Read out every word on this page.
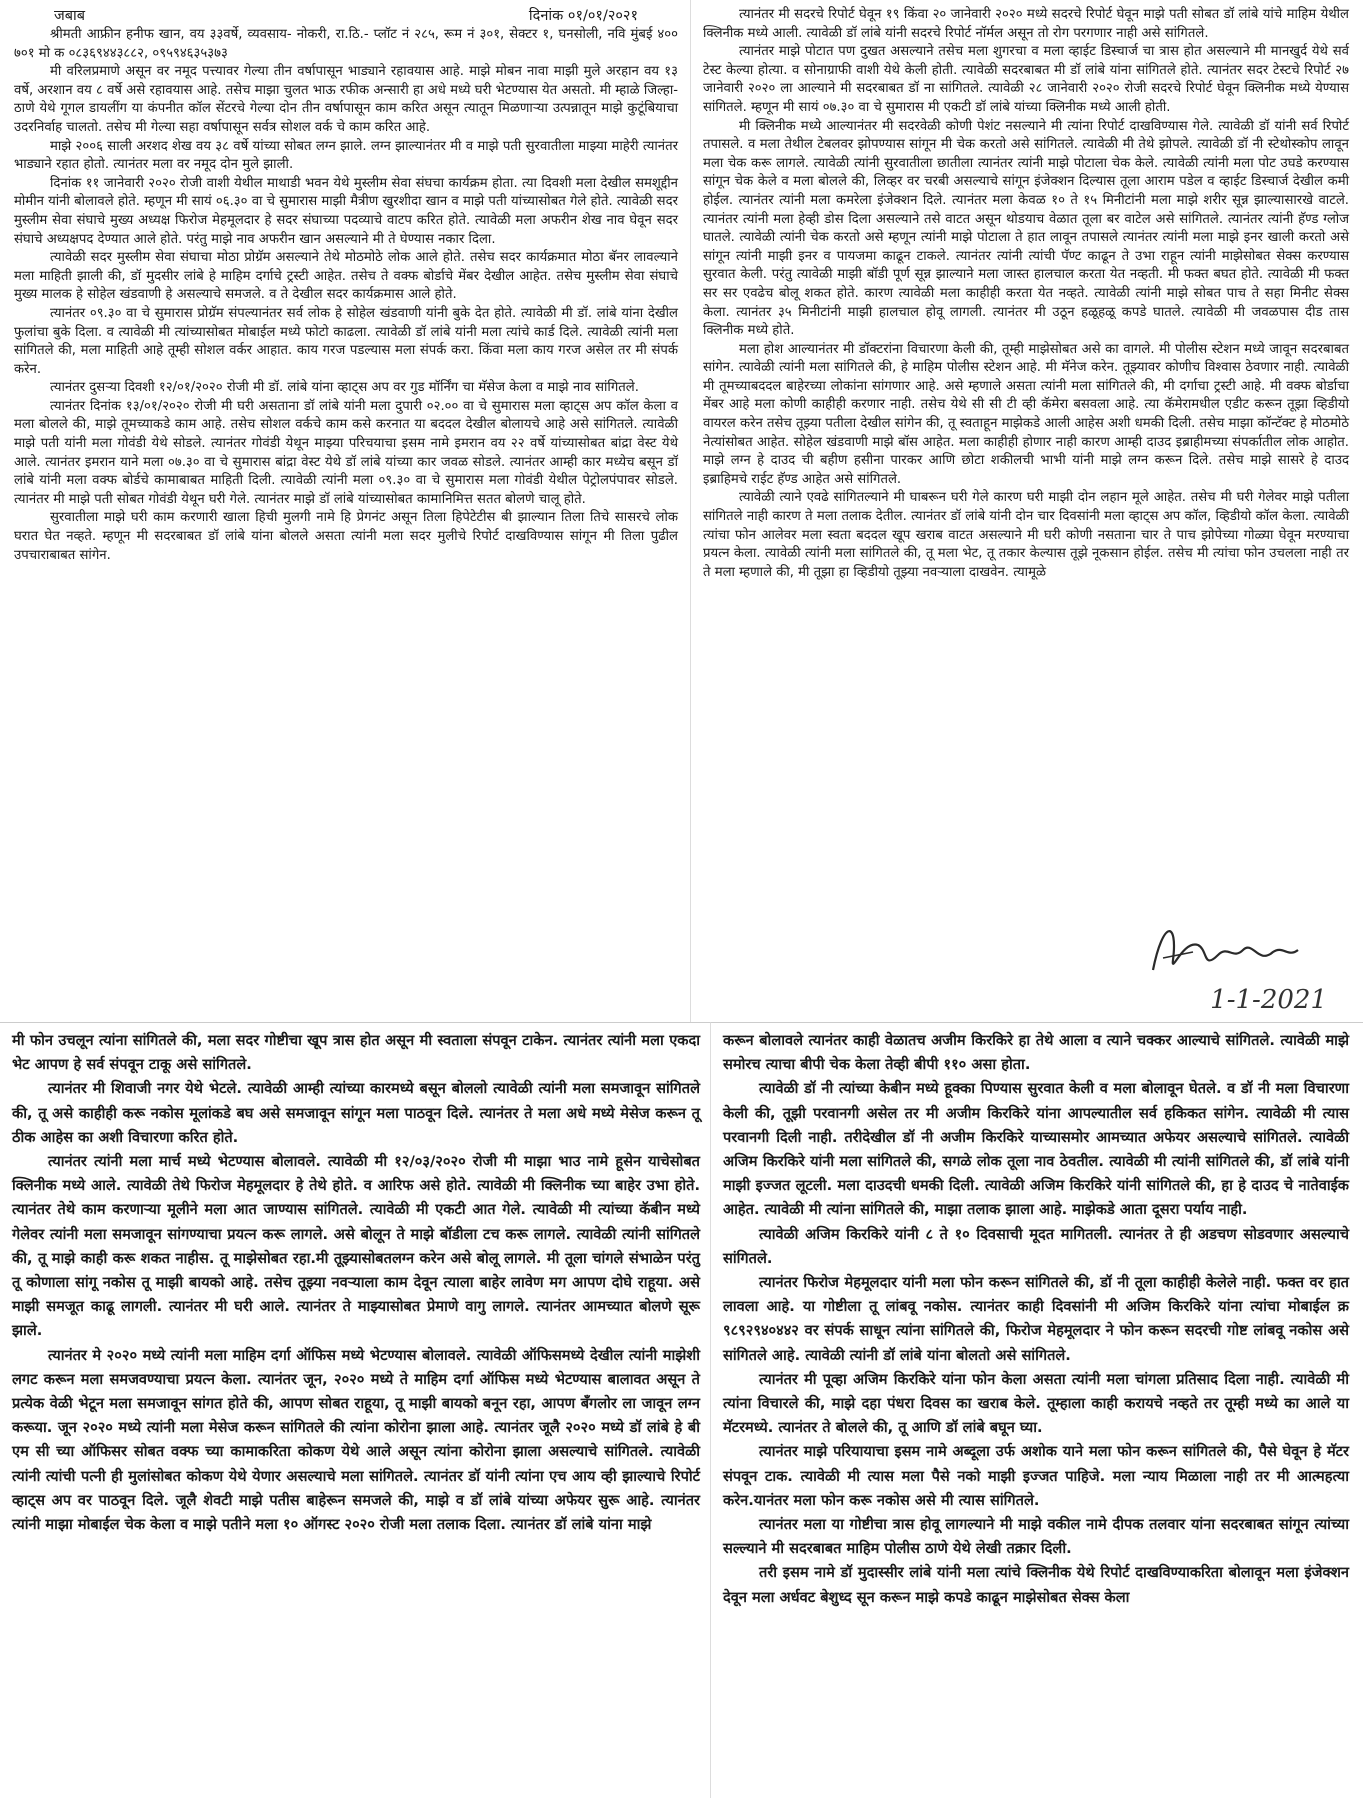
जबाब	दिनांक ०१/०१/२०२१

श्रीमती आफ्रीन हनीफ खान, वय ३३वर्षे, व्यवसाय- नोकरी, रा.ठि.- प्लॉट नं २८५, रूम नं ३०१, सेक्टर १, घनसोली, नवि मुंबई ४०० ७०१ मो क ०८३६९४४३८८२, ०९५९४६३५३७३

मी वरिलप्रमाणे असून वर नमूद पत्त्यावर गेल्या तीन वर्षापासून भाड्याने रहावयास आहे. माझे मोबन नावा माझी मुले अरहान वय १३ वर्षे, अरशान वय ८ वर्षे असे रहावयास आहे. तसेच माझा चुलत भाऊ रफीक अन्सारी हा अधे मध्ये घरी भेटण्यास येत असतो. मी म्हाळे जिल्हा- ठाणे येथे गूगल डायलींग या कंपनीत कॉल सेंटरचे गेल्या दोन तीन वर्षापासून काम करित असून त्यातून मिळणाऱ्या उत्पन्नातून माझे कुटूंबियाचा उदरनिर्वाह चालतो. तसेच मी गेल्या सहा वर्षापासून सर्वत्र सोशल वर्क चे काम करित आहे.

माझे २००६ साली अरशद शेख वय ३८ वर्षे यांच्या सोबत लग्न झाले. लग्न झाल्यानंतर मी व माझे पती सुरवातीला माझ्या माहेरी त्यानंतर भाड्याने रहात होतो. त्यानंतर मला वर नमूद दोन मुले झाली.

दिनांक ११ जानेवारी २०२० रोजी वाशी येथील माथाडी भवन येथे मुस्लीम सेवा संघचा कार्यक्रम होता. त्या दिवशी मला देखील समशूद्दीन मोमीन यांनी बोलावले होते. म्हणून मी सायं ०६.३० वा चे सुमारास माझी मैत्रीण खुरशीदा खान व माझे पती यांच्यासोबत गेले होते. त्यावेळी सदर मुस्लीम सेवा संघाचे मुख्य अध्यक्ष फिरोज मेहमूलदार हे सदर संघाच्या पदव्याचे वाटप करित होते. त्यावेळी मला अफरीन शेख नाव घेवून सदर संघाचे अध्यक्षपद देण्यात आले होते. परंतु माझे नाव अफरीन खान असल्याने मी ते घेण्यास नकार दिला.

त्यावेळी सदर मुस्लीम सेवा संघाचा मोठा प्रोग्रॅम असल्याने तेथे मोठमोठे लोक आले होते. तसेच सदर कार्यक्रमात मोठा बॅनर लावल्याने मला माहिती झाली की, डॉ मुदसीर लांबे हे माहिम दर्गाचे ट्रस्टी आहेत. तसेच ते वक्फ बोर्डाचे मेंबर देखील आहेत. तसेच मुस्लीम सेवा संघाचे मुख्य मालक हे सोहेल खंडवाणी हे असल्याचे समजले. व ते देखील सदर कार्यक्रमास आले होते.

त्यानंतर ०९.३० वा चे सुमारास प्रोग्रॅम संपल्यानंतर सर्व लोक हे सोहेल खंडवाणी यांनी बुके देत होते. त्यावेळी मी डॉ. लांबे यांना देखील फुलांचा बुके दिला. व त्यावेळी मी त्यांच्यासोबत मोबाईल मध्ये फोटो काढला. त्यावेळी डॉ लांबे यांनी मला त्यांचे कार्ड दिले. त्यावेळी त्यांनी मला सांगितले की, मला माहिती आहे तूम्ही सोशल वर्कर आहात. काय गरज पडल्यास मला संपर्क करा. किंवा मला काय गरज असेल तर मी संपर्क करेन.

त्यानंतर दुसऱ्या दिवशी १२/०१/२०२० रोजी मी डॉ. लांबे यांना व्हाट्स अप वर गुड मॉर्निंग चा मॅसेज केला व माझे नाव सांगितले.

त्यानंतर दिनांक १३/०१/२०२० रोजी मी घरी असताना डॉ लांबे यांनी मला दुपारी ०२.०० वा चे सुमारास मला व्हाट्स अप कॉल केला व मला बोलले की, माझे तूमच्याकडे काम आहे. तसेच सोशल वर्कचे काम कसे करनात या बददल देखील बोलायचे आहे असे सांगितले. त्यावेळी माझे पती यांनी मला गोवंडी येथे सोडले. त्यानंतर गोवंडी येथून माझ्या परिचयाचा इसम नामे इमरान वय २२ वर्षे यांच्यासोबत बांद्रा वेस्ट येथे आले. त्यानंतर इमरान याने मला ०७.३० वा चे सुमारास बांद्रा वेस्ट येथे डॉ लांबे यांच्या कार जवळ सोडले. त्यानंतर आम्ही कार मध्येच बसून डॉ लांबे यांनी मला वक्फ बोर्डचे कामाबाबत माहिती दिली. त्यावेळी त्यांनी मला ०९.३० वा चे सुमारास मला गोवंडी येथील पेट्रोलपंपावर सोडले. त्यानंतर मी माझे पती सोबत गोवंडी येथून घरी गेले. त्यानंतर माझे डॉ लांबे यांच्यासोबत कामानिमित्त सतत बोलणे चालू होते.

सुरवातीला माझे घरी काम करणारी खाला हिची मुलगी नामे हि प्रेगनंट असून तिला हिपेटेटीस बी झाल्यान तिला तिचे सासरचे लोक घरात घेत नव्हते. म्हणून मी सदरबाबत डॉ लांबे यांना बोलले असता त्यांनी मला सदर मुलीचे रिपोर्ट दाखविण्यास सांगून मी तिला पुढील उपचाराबाबत सांगेन.

त्यानंतर मी सदरचे रिपोर्ट घेवून १९ किंवा २० जानेवारी २०२० मध्ये सदरचे रिपोर्ट घेवून माझे पती सोबत डॉ लांबे यांचे माहिम येथील क्लिनीक मध्ये आली. त्यावेळी डॉ लांबे यांनी सदरचे रिपोर्ट नॉर्मल असून तो रोग परगणार नाही असे सांगितले.

त्यानंतर माझे पोटात पण दुखत असल्याने तसेच मला शुगरचा व मला व्हाईट डिस्चार्ज चा त्रास होत असल्याने मी मानखुर्द येथे सर्व टेस्ट केल्या होत्या. व सोनाग्राफी वाशी येथे केली होती. त्यावेळी सदरबाबत मी डॉ लांबे यांना सांगितले होते. त्यानंतर सदर टेस्टचे रिपोर्ट २७ जानेवारी २०२० ला आल्याने मी सदरबाबत डॉ ना सांगितले. त्यावेळी २८ जानेवारी २०२० रोजी सदरचे रिपोर्ट घेवून क्लिनीक मध्ये येण्यास सांगितले. म्हणून मी सायं ०७.३० वा चे सुमारास मी एकटी डॉ लांबे यांच्या क्लिनीक मध्ये आली होती.

मी क्लिनीक मध्ये आल्यानंतर मी सदरवेळी कोणी पेशंट नसल्याने मी त्यांना रिपोर्ट दाखविण्यास गेले. त्यावेळी डॉ यांनी सर्व रिपोर्ट तपासले. व मला तेथील टेबलवर झोपण्यास सांगून मी चेक करतो असे सांगितले. त्यावेळी मी तेथे झोपले. त्यावेळी डॉ नी स्टेथोस्कोप लावून मला चेक करू लागले. त्यावेळी त्यांनी सुरवातीला छातीला त्यानंतर त्यांनी माझे पोटाला चेक केले. त्यावेळी त्यांनी मला पोट उघडे करण्यास सांगून चेक केले व मला बोलले की, लिव्हर वर चरबी असल्याचे सांगून इंजेक्शन दिल्यास तूला आराम पडेल व व्हाईट डिस्चार्ज देखील कमी होईल. त्यानंतर त्यांनी मला कमरेला इंजेक्शन दिले. त्यानंतर मला केवळ १० ते १५ मिनीटांनी मला माझे शरीर सून्न झाल्यासारखे वाटले. त्यानंतर त्यांनी मला हेव्ही डोस दिला असल्याने तसे वाटत असून थोडयाच वेळात तूला बर वाटेल असे सांगितले. त्यानंतर त्यांनी हॅण्ड ग्लोज घातले. त्यावेळी त्यांनी चेक करतो असे म्हणून त्यांनी माझे पोटाला ते हात लावून तपासले त्यानंतर त्यांनी मला माझे इनर खाली करतो असे सांगून त्यांनी माझी इनर व पायजमा काढून टाकले. त्यानंतर त्यांनी त्यांची पॅण्ट काढून ते उभा राहून त्यांनी माझेसोबत सेक्स करण्यास सुरवात केली. परंतु त्यावेळी माझी बॉडी पूर्ण सून्न झाल्याने मला जास्त हालचाल करता येत नव्हती. मी फक्त बघत होते. त्यावेळी मी फक्त सर सर एवढेच बोलू शकत होते. कारण त्यावेळी मला काहीही करता येत नव्हते. त्यावेळी त्यांनी माझे सोबत पाच ते सहा मिनीट सेक्स केला. त्यानंतर ३५ मिनीटांनी माझी हालचाल होवू लागली. त्यानंतर मी उठून हळूहळू कपडे घातले. त्यावेळी मी जवळपास दीड तास क्लिनीक मध्ये होते.

मला होश आल्यानंतर मी डॉक्टरांना विचारणा केली की, तूम्ही माझेसोबत असे का वागले. मी पोलीस स्टेशन मध्ये जावून सदरबाबत सांगेन. त्यावेळी त्यांनी मला सांगितले की, हे माहिम पोलीस स्टेशन आहे. मी मॅनेज करेन. तूझ्यावर कोणीच विश्वास ठेवणार नाही. त्यावेळी मी तूमच्याबददल बाहेरच्या लोकांना सांगणार आहे. असे म्हणाले असता त्यांनी मला सांगितले की, मी दर्गाचा ट्रस्टी आहे. मी वक्फ बोर्डाचा मेंबर आहे मला कोणी काहीही करणार नाही. तसेच येथे सी सी टी व्ही कॅमेरा बसवला आहे. त्या कॅमेरामधील एडीट करून तूझा व्हिडीयो वायरल करेन तसेच तूझ्या पतीला देखील सांगेन की, तू स्वताहून माझेकडे आली आहेस अशी धमकी दिली. तसेच माझा कॉन्टॅक्ट हे मोठमोठे नेत्यांसोबत आहेत. सोहेल खंडवाणी माझे बॉस आहेत. मला काहीही होणार नाही कारण आम्ही दाउद इब्राहीमच्या संपर्कातील लोक आहोत. माझे लग्न हे दाउद ची बहीण हसीना पारकर आणि छोटा शकीलची भाभी यांनी माझे लग्न करून दिले. तसेच माझे सासरे हे दाउद इब्राहिमचे राईट हॅण्ड आहेत असे सांगितले.

त्यावेळी त्याने एवढे सांगितल्याने मी घाबरून घरी गेले कारण घरी माझी दोन लहान मूले आहेत. तसेच मी घरी गेलेवर माझे पतीला सांगितले नाही कारण ते मला तलाक देतील. त्यानंतर डॉ लांबे यांनी दोन चार दिवसांनी मला व्हाट्स अप कॉल, व्हिडीयो कॉल केला. त्यावेळी त्यांचा फोन आलेवर मला स्वता बददल खूप खराब वाटत असल्याने मी घरी कोणी नसताना चार ते पाच झोपेच्या गोळ्या घेवून मरण्याचा प्रयत्न केला. त्यावेळी त्यांनी मला सांगितले की, तू मला भेट, तू तकार केल्यास तूझे नूकसान होईल. तसेच मी त्यांचा फोन उचलला नाही तर ते मला म्हणाले की, मी तूझा हा व्हिडीयो तूझ्या नवऱ्याला दाखवेन. त्यामूळे

1-1-2021

मी फोन उचलून त्यांना सांगितले की, मला सदर गोष्टीचा खूप त्रास होत असून मी स्वताला संपवून टाकेन. त्यानंतर त्यांनी मला एकदा भेट आपण हे सर्व संपवून टाकू असे सांगितले.

त्यानंतर मी शिवाजी नगर येथे भेटले. त्यावेळी आम्ही त्यांच्या कारमध्ये बसून बोललो त्यावेळी त्यांनी मला समजावून सांगितले की, तू असे काहीही करू नकोस मूलांकडे बघ असे समजावून सांगून मला पाठवून दिले. त्यानंतर ते मला अधे मध्ये मेसेज करून तू ठीक आहेस का अशी विचारणा करित होते.

त्यानंतर त्यांनी मला मार्च मध्ये भेटण्यास बोलावले. त्यावेळी मी १२/०३/२०२० रोजी मी माझा भाउ नामे हूसेन याचेसोबत क्लिनीक मध्ये आले. त्यावेळी तेथे फिरोज मेहमूलदार हे तेथे होते. व आरिफ असे होते. त्यावेळी मी क्लिनीक च्या बाहेर उभा होते. त्यानंतर तेथे काम करणाऱ्या मूलीने मला आत जाण्यास सांगितले. त्यावेळी मी एकटी आत गेले. त्यावेळी मी त्यांच्या कॅबीन मध्ये गेलेवर त्यांनी मला समजावून सांगण्याचा प्रयत्न करू लागले. असे बोलून ते माझे बॉडीला टच करू लागले. त्यावेळी त्यांनी सांगितले की, तू माझे काही करू शकत नाहीस. तू माझेसोबत रहा.मी तूझ्यासोबतलग्न करेन असे बोलू लागले. मी तूला चांगले संभाळेन परंतु तू कोणाला सांगू नकोस तू माझी बायको आहे. तसेच तूझ्या नवऱ्याला काम देवून त्याला बाहेर लावेण मग आपण दोघे राहूया. असे माझी समजूत काढू लागली. त्यानंतर मी घरी आले. त्यानंतर ते माझ्यासोबत प्रेमाणे वागु लागले. त्यानंतर आमच्यात बोलणे सूरू झाले.

त्यानंतर मे २०२० मध्ये त्यांनी मला माहिम दर्गा ऑफिस मध्ये भेटण्यास बोलावले. त्यावेळी ऑफिसमध्ये देखील त्यांनी माझेशी लगट करून मला समजवण्याचा प्रयत्न केला. त्यानंतर जून, २०२० मध्ये ते माहिम दर्गा ऑफिस मध्ये भेटण्यास बालावत असून ते प्रत्येक वेळी भेटून मला समजावून सांगत होते की, आपण सोबत राहूया, तू माझी बायको बनून रहा, आपण बँगलोर ला जावून लग्न करूया. जून २०२० मध्ये त्यांनी मला मेसेज करून सांगितले की त्यांना कोरोना झाला आहे. त्यानंतर जूलै २०२० मध्ये डॉ लांबे हे बी एम सी च्या ऑफिसर सोबत वक्फ च्या कामाकरिता कोकण येथे आले असून त्यांना कोरोना झाला असल्याचे सांगितले. त्यावेळी त्यांनी त्यांची पत्नी ही मुलांसोबत कोकण येथे येणार असल्याचे मला सांगितले. त्यानंतर डॉ यांनी त्यांना एच आय व्ही झाल्याचे रिपोर्ट व्हाट्स अप वर पाठवून दिले. जूलै शेवटी माझे पतीस बाहेरून समजले की, माझे व डॉ लांबे यांच्या अफेयर सुरू आहे. त्यानंतर त्यांनी माझा मोबाईल चेक केला व माझे पतीने मला १० ऑगस्ट २०२० रोजी मला तलाक दिला. त्यानंतर डॉ लांबे यांना माझे

करून बोलावले त्यानंतर काही वेळातच अजीम किरकिरे हा तेथे आला व त्याने चक्कर आल्याचे सांगितले. त्यावेळी माझे समोरच त्याचा बीपी चेक केला तेव्ही बीपी ११० असा होता.

त्यावेळी डॉ नी त्यांच्या केबीन मध्ये हूक्का पिण्यास सुरवात केली व मला बोलावून घेतले. व डॉ नी मला विचारणा केली की, तूझी परवानगी असेल तर मी अजीम किरकिरे यांना आपल्यातील सर्व हकिकत सांगेन. त्यावेळी मी त्यास परवानगी दिली नाही. तरीदेखील डॉ नी अजीम किरकिरे याच्यासमोर आमच्यात अफेयर असल्याचे सांगितले. त्यावेळी अजिम किरकिरे यांनी मला सांगितले की, सगळे लोक तूला नाव ठेवतील. त्यावेळी मी त्यांनी सांगितले की, डॉ लांबे यांनी माझी इज्जत लूटली. मला दाउदची धमकी दिली. त्यावेळी अजिम किरकिरे यांनी सांगितले की, हा हे दाउद चे नातेवाईक आहेत. त्यावेळी मी त्यांना सांगितले की, माझा तलाक झाला आहे. माझेकडे आता दूसरा पर्याय नाही.

त्यावेळी अजिम किरकिरे यांनी ८ ते १० दिवसाची मूदत मागितली. त्यानंतर ते ही अडचण सोडवणार असल्याचे सांगितले.

त्यानंतर फिरोज मेहमूलदार यांनी मला फोन करून सांगितले की, डॉ नी तूला काहीही केलेले नाही. फक्त वर हात लावला आहे. या गोष्टीला तू लांबवू नकोस. त्यानंतर काही दिवसांनी मी अजिम किरकिरे यांना त्यांचा मोबाईल क्र ९८९२९४०४४२ वर संपर्क साधून त्यांना सांगितले की, फिरोज मेहमूलदार ने फोन करून सदरची गोष्ट लांबवू नकोस असे सांगितले आहे. त्यावेळी त्यांनी डॉ लांबे यांना बोलतो असे सांगितले.

त्यानंतर मी पूव्हा अजिम किरकिरे यांना फोन केला असता त्यांनी मला चांगला प्रतिसाद दिला नाही. त्यावेळी मी त्यांना विचारले की, माझे दहा पंधरा दिवस का खराब केले. तूम्हाला काही करायचे नव्हते तर तूम्ही मध्ये का आले या मॅटरमध्ये. त्यानंतर ते बोलले की, तू आणि डॉ लांबे बघून घ्या.

त्यानंतर माझे परियायाचा इसम नामे अब्दूला उर्फ अशोक याने मला फोन करून सांगितले की, पैसे घेवून हे मॅटर संपवून टाक. त्यावेळी मी त्यास मला पैसे नको माझी इज्जत पाहिजे. मला न्याय मिळाला नाही तर मी आत्महत्या करेन.यानंतर मला फोन करू नकोस असे मी त्यास सांगितले.

त्यानंतर मला या गोष्टीचा त्रास होवू लागल्याने मी माझे वकील नामे दीपक तलवार यांना सदरबाबत सांगून त्यांच्या सल्ल्याने मी सदरबाबत माहिम पोलीस ठाणे येथे लेखी तक्रार दिली.

तरी इसम नामे डॉ मुदास्सीर लांबे यांनी मला त्यांचे क्लिनीक येथे रिपोर्ट दाखविण्याकरिता बोलावून मला इंजेक्शन देवून मला अर्धवट बेशुध्द सून करून माझे कपडे काढून माझेसोबत सेक्स केला
